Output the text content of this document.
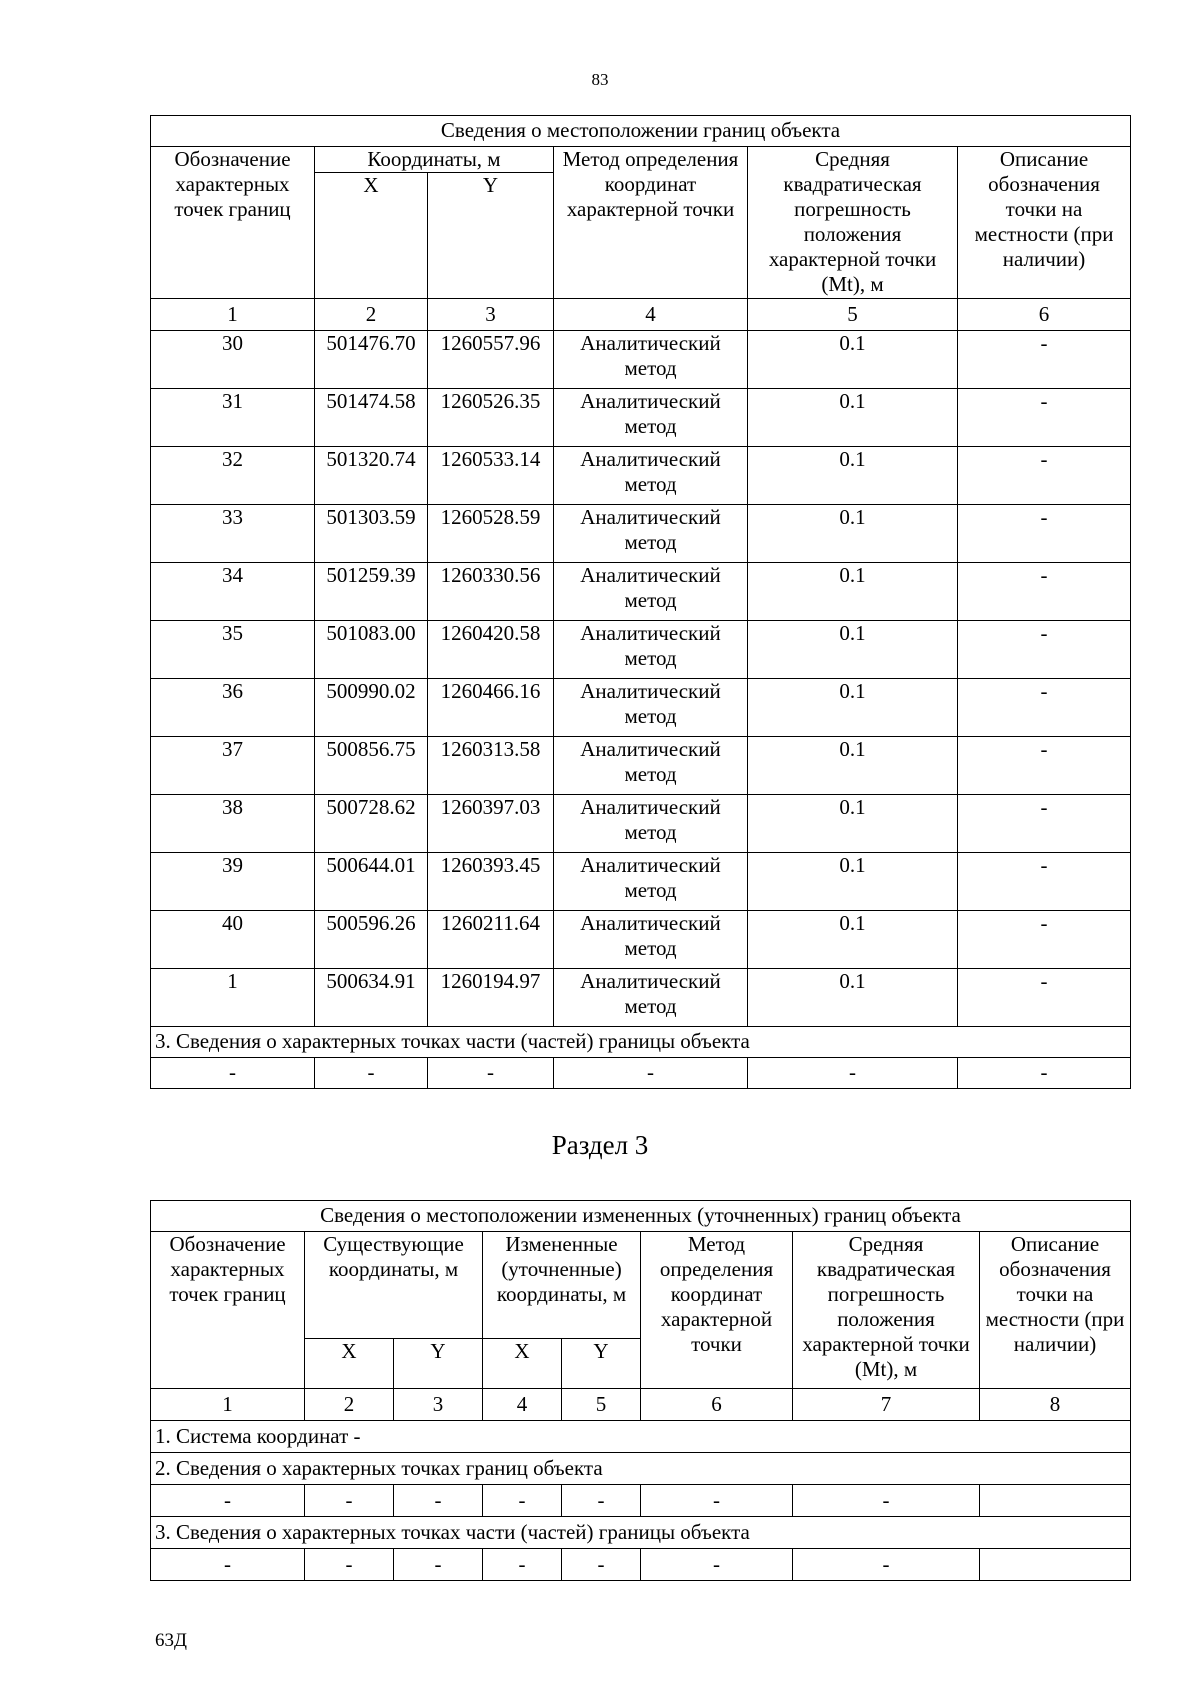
83
Сведения о местоположении границ объекта					
Обозначение характерных точек границ	Координаты, м		Метод определения координат характерной точки	Средняя квадратическая погрешность положения характерной точки (Mt), м	Описание обозначения точки на местности (при наличии)
	X	Y			
1	2	3	4	5	6
30	501476.70	1260557.96	Аналитический метод	0.1	-
31	501474.58	1260526.35	Аналитический метод	0.1	-
32	501320.74	1260533.14	Аналитический метод	0.1	-
33	501303.59	1260528.59	Аналитический метод	0.1	-
34	501259.39	1260330.56	Аналитический метод	0.1	-
35	501083.00	1260420.58	Аналитический метод	0.1	-
36	500990.02	1260466.16	Аналитический метод	0.1	-
37	500856.75	1260313.58	Аналитический метод	0.1	-
38	500728.62	1260397.03	Аналитический метод	0.1	-
39	500644.01	1260393.45	Аналитический метод	0.1	-
40	500596.26	1260211.64	Аналитический метод	0.1	-
1	500634.91	1260194.97	Аналитический метод	0.1	-
3. Сведения о характерных точках части (частей) границы объекта					
-	-	-	-	-	-
Раздел 3
Сведения о местоположении измененных (уточненных) границ объекта							
Обозначение характерных точек границ	Существующие координаты, м		Измененные (уточненные) координаты, м		Метод определения координат характерной точки	Средняя квадратическая погрешность положения характерной точки (Mt), м	Описание обозначения точки на местности (при наличии)
	X	Y	X	Y			
1	2	3	4	5	6	7	8
1. Система координат -							
2. Сведения о характерных точках границ объекта							
-	-	-	-	-	-	-	
3. Сведения о характерных точках части (частей) границы объекта							
-	-	-	-	-	-	-	
63Д
